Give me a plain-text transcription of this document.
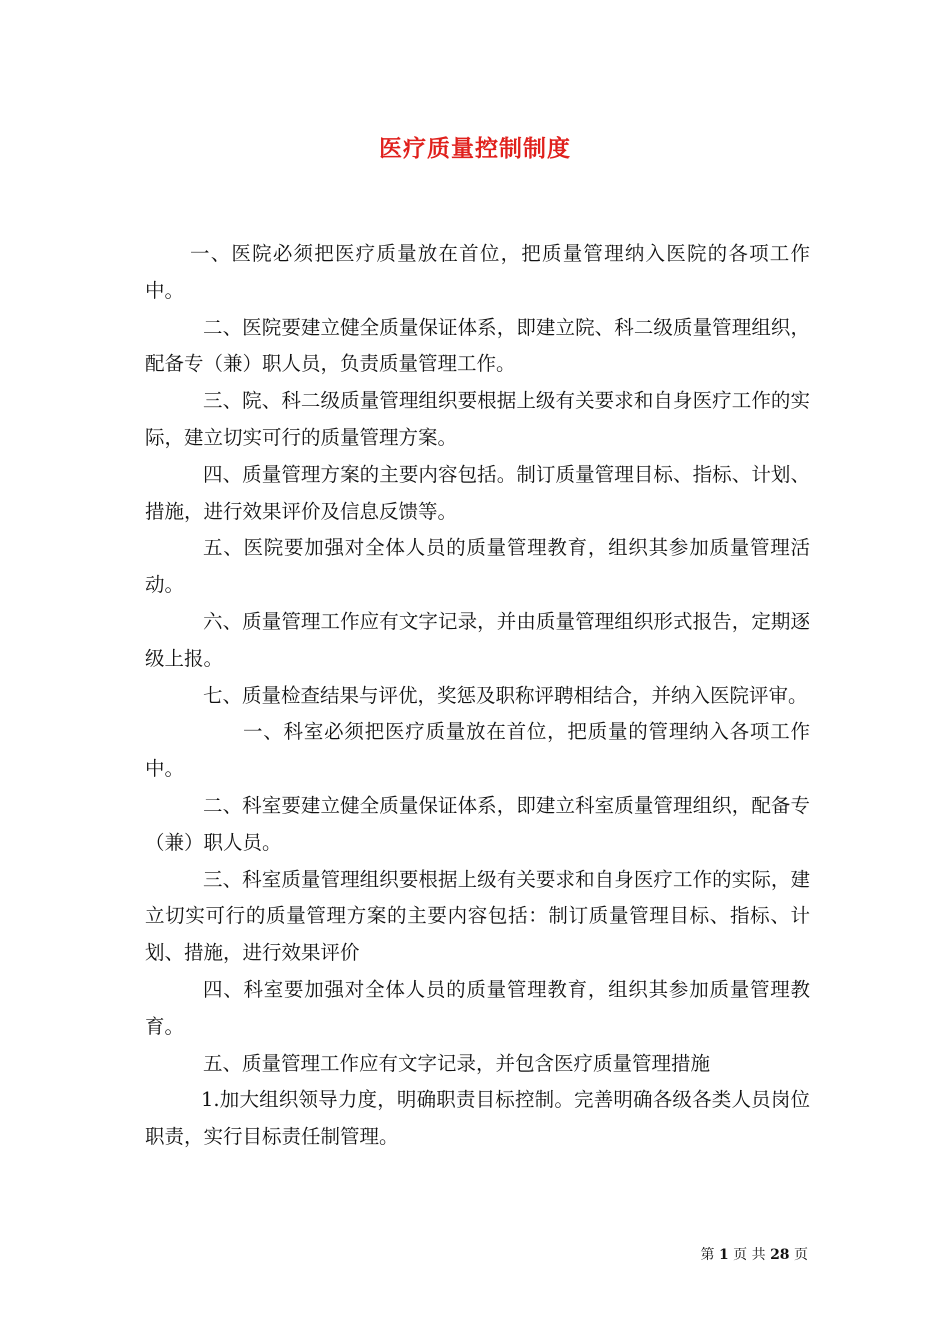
医疗质量控制制度

一、医院必须把医疗质量放在首位，把质量管理纳入医院的各项工作中。

二、医院要建立健全质量保证体系，即建立院、科二级质量管理组织，配备专（兼）职人员，负责质量管理工作。

三、院、科二级质量管理组织要根据上级有关要求和自身医疗工作的实际，建立切实可行的质量管理方案。

四、质量管理方案的主要内容包括。制订质量管理目标、指标、计划、措施，进行效果评价及信息反馈等。

五、医院要加强对全体人员的质量管理教育，组织其参加质量管理活动。

六、质量管理工作应有文字记录，并由质量管理组织形式报告，定期逐级上报。

七、质量检查结果与评优，奖惩及职称评聘相结合，并纳入医院评审。

一、科室必须把医疗质量放在首位，把质量的管理纳入各项工作中。

二、科室要建立健全质量保证体系，即建立科室质量管理组织，配备专（兼）职人员。

三、科室质量管理组织要根据上级有关要求和自身医疗工作的实际，建立切实可行的质量管理方案的主要内容包括：制订质量管理目标、指标、计划、措施，进行效果评价

四、科室要加强对全体人员的质量管理教育，组织其参加质量管理教育。

五、质量管理工作应有文字记录，并包含医疗质量管理措施

1.加大组织领导力度，明确职责目标控制。完善明确各级各类人员岗位职责，实行目标责任制管理。

第 1 页 共 28 页
